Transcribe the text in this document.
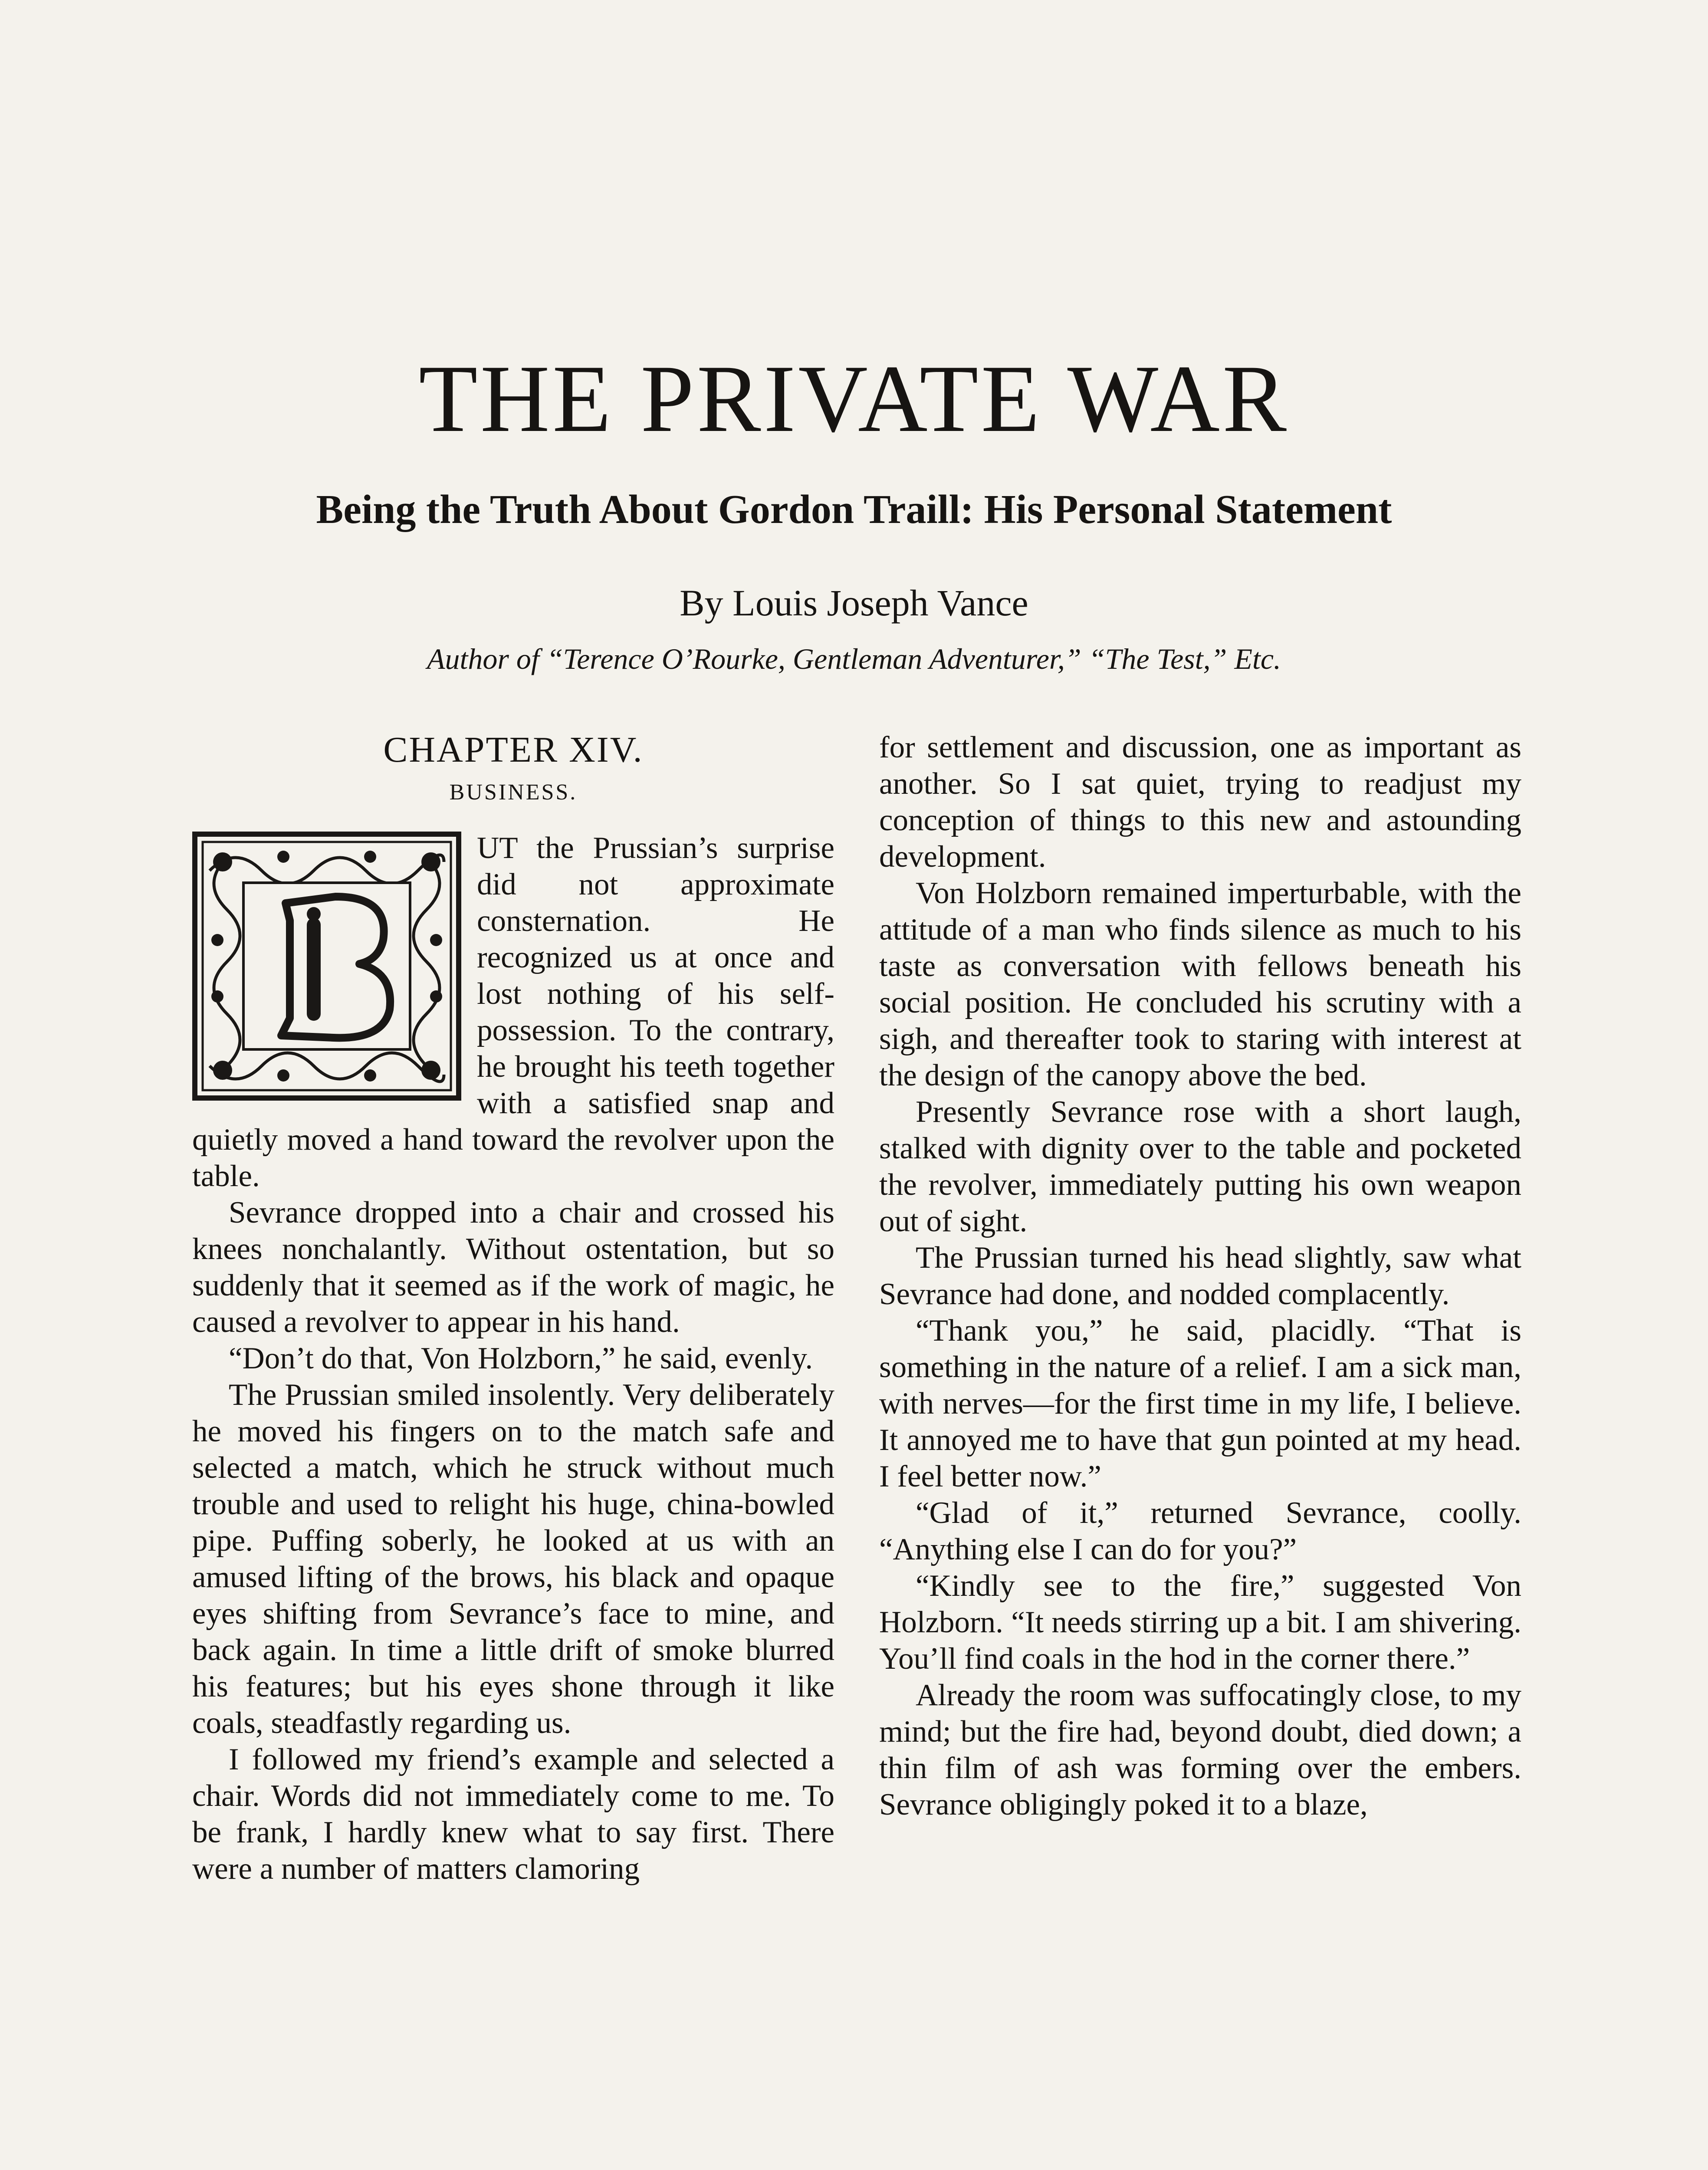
THE PRIVATE WAR
Being the Truth About Gordon Traill: His Personal Statement

By Louis Joseph Vance

Author of “Terence O’Rourke, Gentleman Adventurer,” “The Test,” Etc.

CHAPTER XIV.
BUSINESS.

UT the Prussian’s surprise did not approximate consternation. He recognized us at once and lost nothing of his self-possession. To the contrary, he brought his teeth together with a satisfied snap and quietly moved a hand toward the revolver upon the table.

Sevrance dropped into a chair and crossed his knees nonchalantly. Without ostentation, but so suddenly that it seemed as if the work of magic, he caused a revolver to appear in his hand.

“Don’t do that, Von Holzborn,” he said, evenly.

The Prussian smiled insolently. Very deliberately he moved his fingers on to the match safe and selected a match, which he struck without much trouble and used to relight his huge, china-bowled pipe. Puffing soberly, he looked at us with an amused lifting of the brows, his black and opaque eyes shifting from Sevrance’s face to mine, and back again. In time a little drift of smoke blurred his features; but his eyes shone through it like coals, steadfastly regarding us.

I followed my friend’s example and selected a chair. Words did not immediately come to me. To be frank, I hardly knew what to say first. There were a number of matters clamoring

for settlement and discussion, one as important as another. So I sat quiet, trying to readjust my conception of things to this new and astounding development.

Von Holzborn remained imperturbable, with the attitude of a man who finds silence as much to his taste as conversation with fellows beneath his social position. He concluded his scrutiny with a sigh, and thereafter took to staring with interest at the design of the canopy above the bed.

Presently Sevrance rose with a short laugh, stalked with dignity over to the table and pocketed the revolver, immediately putting his own weapon out of sight.

The Prussian turned his head slightly, saw what Sevrance had done, and nodded complacently.

“Thank you,” he said, placidly. “That is something in the nature of a relief. I am a sick man, with nerves—for the first time in my life, I believe. It annoyed me to have that gun pointed at my head. I feel better now.”

“Glad of it,” returned Sevrance, coolly. “Anything else I can do for you?”

“Kindly see to the fire,” suggested Von Holzborn. “It needs stirring up a bit. I am shivering. You’ll find coals in the hod in the corner there.”

Already the room was suffocatingly close, to my mind; but the fire had, beyond doubt, died down; a thin film of ash was forming over the embers. Sevrance obligingly poked it to a blaze,
